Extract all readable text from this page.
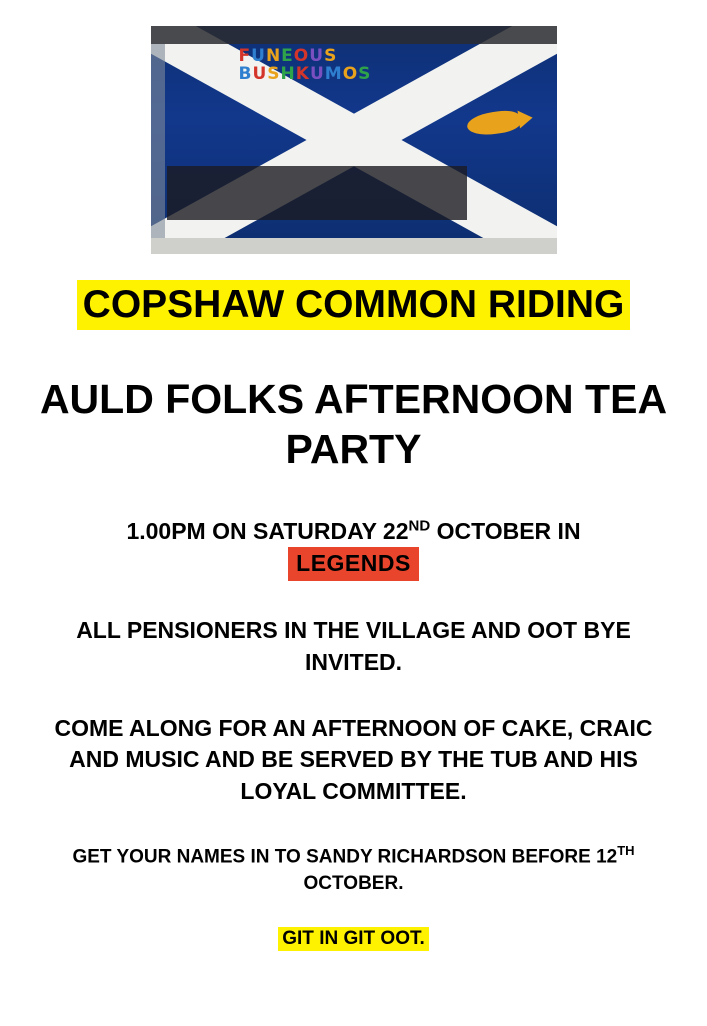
FUNEOUS
BUSHKUMOS
COPSHAW COMMON RIDING
AULD FOLKS AFTERNOON TEA PARTY
1.00PM ON SATURDAY 22ND OCTOBER IN
LEGENDS
ALL PENSIONERS IN THE VILLAGE AND OOT BYE INVITED.
COME ALONG FOR AN AFTERNOON OF CAKE, CRAIC AND MUSIC AND BE SERVED BY THE TUB AND HIS LOYAL COMMITTEE.
GET YOUR NAMES IN TO SANDY RICHARDSON BEFORE 12TH OCTOBER.
GIT IN GIT OOT.
